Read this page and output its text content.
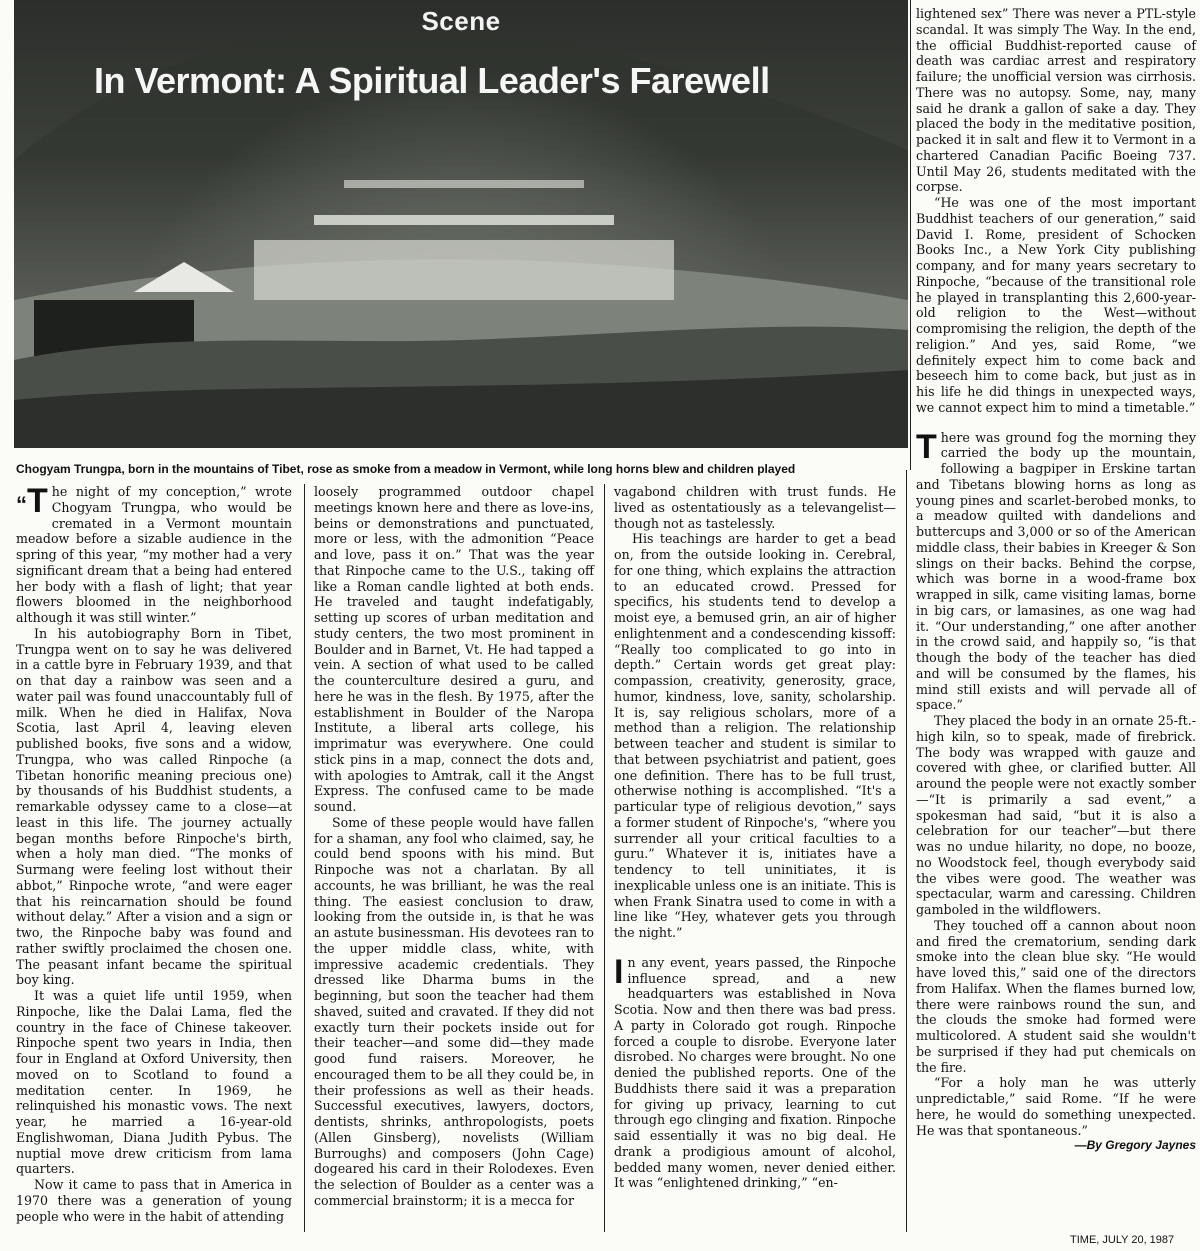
Scene
In Vermont: A Spiritual Leader's Farewell
Chogyam Trungpa, born in the mountains of Tibet, rose as smoke from a meadow in Vermont, while long horns blew and children played

“T he night of my conception,” wrote Chogyam Trungpa, who would be cremated in a Vermont mountain meadow before a sizable audience in the spring of this year, “my mother had a very significant dream that a being had entered her body with a flash of light; that year flowers bloomed in the neighborhood although it was still winter.”

In his autobiography Born in Tibet, Trungpa went on to say he was delivered in a cattle byre in February 1939, and that on that day a rainbow was seen and a water pail was found unaccountably full of milk. When he died in Halifax, Nova Scotia, last April 4, leaving eleven published books, five sons and a widow, Trungpa, who was called Rinpoche (a Tibetan honorific meaning precious one) by thousands of his Buddhist students, a remarkable odyssey came to a close—at least in this life. The journey actually began months before Rinpoche's birth, when a holy man died. “The monks of Surmang were feeling lost without their abbot,” Rinpoche wrote, “and were eager that his reincarnation should be found without delay.” After a vision and a sign or two, the Rinpoche baby was found and rather swiftly proclaimed the chosen one. The peasant infant became the spiritual boy king.

It was a quiet life until 1959, when Rinpoche, like the Dalai Lama, fled the country in the face of Chinese takeover. Rinpoche spent two years in India, then four in England at Oxford University, then moved on to Scotland to found a meditation center. In 1969, he relinquished his monastic vows. The next year, he married a 16-year-old Englishwoman, Diana Judith Pybus. The nuptial move drew criticism from lama quarters.

Now it came to pass that in America in 1970 there was a generation of young people who were in the habit of attending

loosely programmed outdoor chapel meetings known here and there as love-ins, beins or demonstrations and punctuated, more or less, with the admonition “Peace and love, pass it on.” That was the year that Rinpoche came to the U.S., taking off like a Roman candle lighted at both ends. He traveled and taught indefatigably, setting up scores of urban meditation and study centers, the two most prominent in Boulder and in Barnet, Vt. He had tapped a vein. A section of what used to be called the counterculture desired a guru, and here he was in the flesh. By 1975, after the establishment in Boulder of the Naropa Institute, a liberal arts college, his imprimatur was everywhere. One could stick pins in a map, connect the dots and, with apologies to Amtrak, call it the Angst Express. The confused came to be made sound.

Some of these people would have fallen for a shaman, any fool who claimed, say, he could bend spoons with his mind. But Rinpoche was not a charlatan. By all accounts, he was brilliant, he was the real thing. The easiest conclusion to draw, looking from the outside in, is that he was an astute businessman. His devotees ran to the upper middle class, white, with impressive academic credentials. They dressed like Dharma bums in the beginning, but soon the teacher had them shaved, suited and cravated. If they did not exactly turn their pockets inside out for their teacher—and some did—they made good fund raisers. Moreover, he encouraged them to be all they could be, in their professions as well as their heads. Successful executives, lawyers, doctors, dentists, shrinks, anthropologists, poets (Allen Ginsberg), novelists (William Burroughs) and composers (John Cage) dogeared his card in their Rolodexes. Even the selection of Boulder as a center was a commercial brainstorm; it is a mecca for

vagabond children with trust funds. He lived as ostentatiously as a televangelist—though not as tastelessly.

His teachings are harder to get a bead on, from the outside looking in. Cerebral, for one thing, which explains the attraction to an educated crowd. Pressed for specifics, his students tend to develop a moist eye, a bemused grin, an air of higher enlightenment and a condescending kissoff: “Really too complicated to go into in depth.” Certain words get great play: compassion, creativity, generosity, grace, humor, kindness, love, sanity, scholarship. It is, say religious scholars, more of a method than a religion. The relationship between teacher and student is similar to that between psychiatrist and patient, goes one definition. There has to be full trust, otherwise nothing is accomplished. “It's a particular type of religious devotion,” says a former student of Rinpoche's, “where you surrender all your critical faculties to a guru.” Whatever it is, initiates have a tendency to tell uninitiates, it is inexplicable unless one is an initiate. This is when Frank Sinatra used to come in with a line like “Hey, whatever gets you through the night.”

In any event, years passed, the Rinpoche influence spread, and a new headquarters was established in Nova Scotia. Now and then there was bad press. A party in Colorado got rough. Rinpoche forced a couple to disrobe. Everyone later disrobed. No charges were brought. No one denied the published reports. One of the Buddhists there said it was a preparation for giving up privacy, learning to cut through ego clinging and fixation. Rinpoche said essentially it was no big deal. He drank a prodigious amount of alcohol, bedded many women, never denied either. It was “enlightened drinking,” “en-

lightened sex” There was never a PTL-style scandal. It was simply The Way. In the end, the official Buddhist-reported cause of death was cardiac arrest and respiratory failure; the unofficial version was cirrhosis. There was no autopsy. Some, nay, many said he drank a gallon of sake a day. They placed the body in the meditative position, packed it in salt and flew it to Vermont in a chartered Canadian Pacific Boeing 737. Until May 26, students meditated with the corpse.

“He was one of the most important Buddhist teachers of our generation,” said David I. Rome, president of Schocken Books Inc., a New York City publishing company, and for many years secretary to Rinpoche, “because of the transitional role he played in transplanting this 2,600-year-old religion to the West—without compromising the religion, the depth of the religion.” And yes, said Rome, “we definitely expect him to come back and beseech him to come back, but just as in his life he did things in unexpected ways, we cannot expect him to mind a timetable.”

There was ground fog the morning they carried the body up the mountain, following a bagpiper in Erskine tartan and Tibetans blowing horns as long as young pines and scarlet-berobed monks, to a meadow quilted with dandelions and buttercups and 3,000 or so of the American middle class, their babies in Kreeger & Son slings on their backs. Behind the corpse, which was borne in a wood-frame box wrapped in silk, came visiting lamas, borne in big cars, or lamasines, as one wag had it. “Our understanding,” one after another in the crowd said, and happily so, “is that though the body of the teacher has died and will be consumed by the flames, his mind still exists and will pervade all of space.”

They placed the body in an ornate 25-ft.-high kiln, so to speak, made of firebrick. The body was wrapped with gauze and covered with ghee, or clarified butter. All around the people were not exactly somber—“It is primarily a sad event,” a spokesman had said, “but it is also a celebration for our teacher”—but there was no undue hilarity, no dope, no booze, no Woodstock feel, though everybody said the vibes were good. The weather was spectacular, warm and caressing. Children gamboled in the wildflowers.

They touched off a cannon about noon and fired the crematorium, sending dark smoke into the clean blue sky. “He would have loved this,” said one of the directors from Halifax. When the flames burned low, there were rainbows round the sun, and the clouds the smoke had formed were multicolored. A student said she wouldn't be surprised if they had put chemicals on the fire.

“For a holy man he was utterly unpredictable,” said Rome. “If he were here, he would do something unexpected. He was that spontaneous.”

—By Gregory Jaynes
TIME, JULY 20, 1987
